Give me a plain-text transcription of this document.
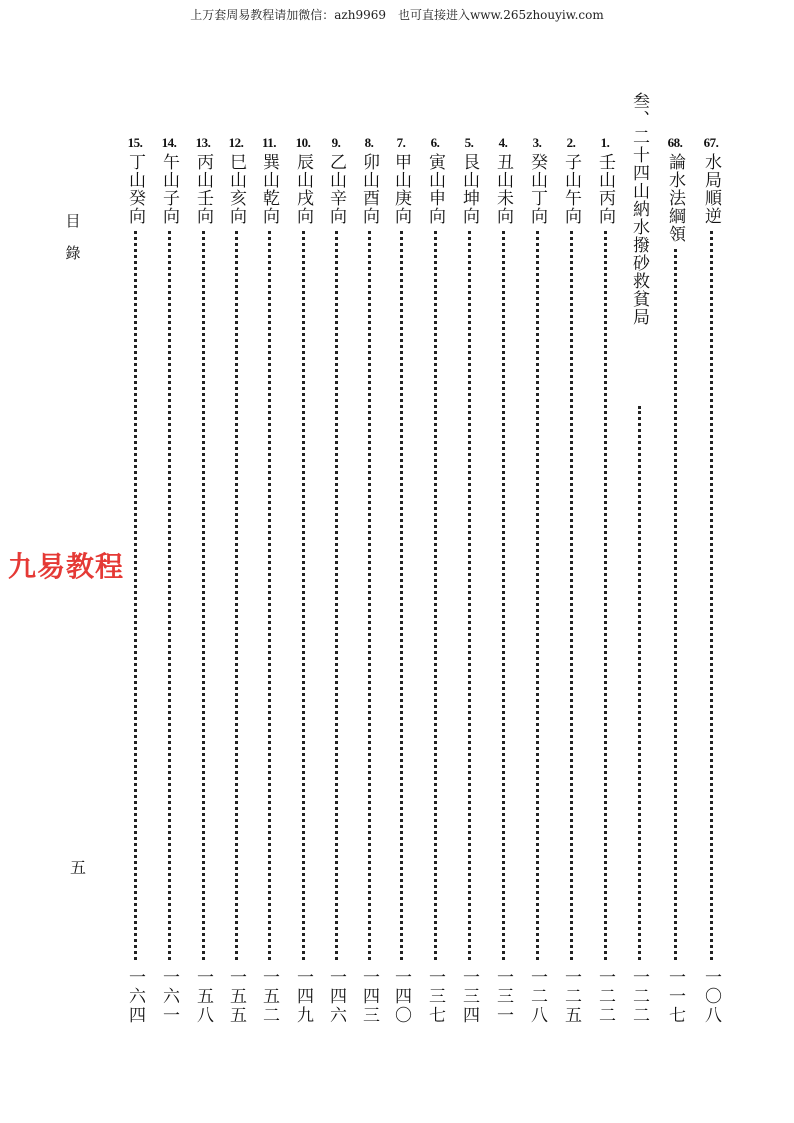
上万套周易教程请加微信：azh9969　也可直接进入www.265zhouyiw.com
目
錄
九易教程
五
67.
水局順逆
一〇八
68.
論水法綱領
一一七
叁、二十四山納水撥砂救貧局
一二二
1.
壬山丙向
一二二
2.
子山午向
一二五
3.
癸山丁向
一二八
4.
丑山未向
一三一
5.
艮山坤向
一三四
6.
寅山申向
一三七
7.
甲山庚向
一四〇
8.
卯山酉向
一四三
9.
乙山辛向
一四六
10.
辰山戌向
一四九
11.
巽山乾向
一五二
12.
巳山亥向
一五五
13.
丙山壬向
一五八
14.
午山子向
一六一
15.
丁山癸向
一六四
